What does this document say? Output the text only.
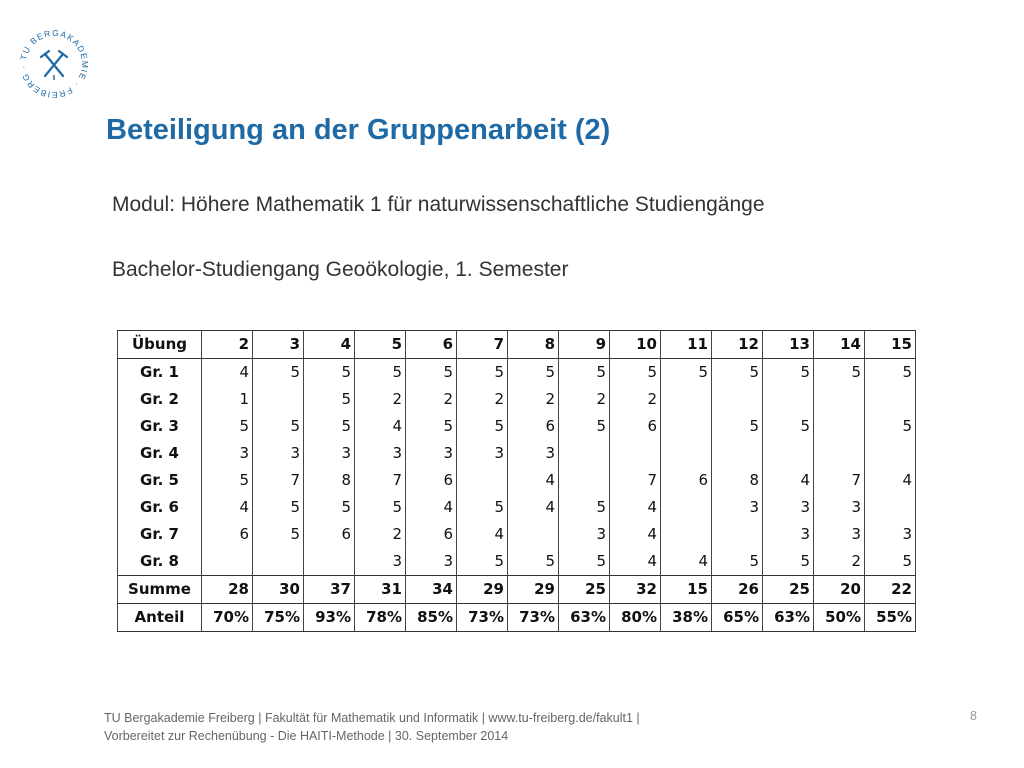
TU BERGAKADEMIE · FREIBERG ·
Beteiligung an der Gruppenarbeit (2)
Modul: Höhere Mathematik 1 für naturwissenschaftliche Studiengänge
Bachelor-Studiengang Geoökologie, 1. Semester
Übung	2	3	4	5	6	7	8	9	10	11	12	13	14	15
Gr. 1	4	5	5	5	5	5	5	5	5	5	5	5	5	5
Gr. 2	1		5	2	2	2	2	2	2					
Gr. 3	5	5	5	4	5	5	6	5	6		5	5		5
Gr. 4	3	3	3	3	3	3	3							
Gr. 5	5	7	8	7	6		4		7	6	8	4	7	4
Gr. 6	4	5	5	5	4	5	4	5	4		3	3	3	
Gr. 7	6	5	6	2	6	4		3	4			3	3	3
Gr. 8				3	3	5	5	5	4	4	5	5	2	5
Summe	28	30	37	31	34	29	29	25	32	15	26	25	20	22
Anteil	70%	75%	93%	78%	85%	73%	73%	63%	80%	38%	65%	63%	50%	55%
TU Bergakademie Freiberg | Fakultät für Mathematik und Informatik | www.tu-freiberg.de/fakult1 |
Vorbereitet zur Rechenübung - Die HAITI-Methode | 30. September 2014
8
